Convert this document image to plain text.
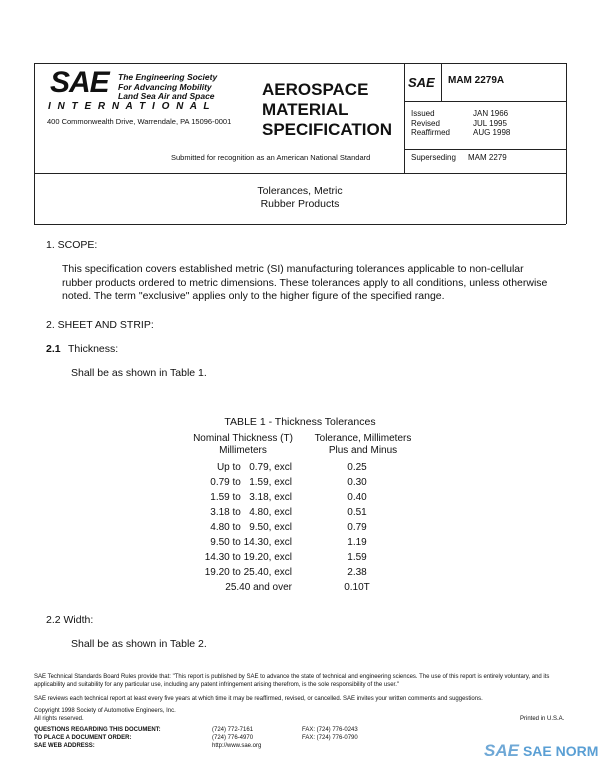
SAE The Engineering Society
For Advancing Mobility
Land Sea Air and Space
I N T E R N A T I O N A L
400 Commonwealth Drive, Warrendale, PA 15096-0001
AEROSPACE
MATERIAL
SPECIFICATION
Submitted for recognition as an American National Standard
SAE MAM 2279A
Issued	JAN 1966
Revised	JUL 1995
Reaffirmed	AUG 1998
Superseding MAM 2279
Tolerances, Metric
Rubber Products
1. SCOPE:
This specification covers established metric (SI) manufacturing tolerances applicable to non-cellular rubber products ordered to metric dimensions. These tolerances apply to all conditions, unless otherwise noted. The term "exclusive" applies only to the higher figure of the specified range.
2. SHEET AND STRIP:
2.1 Thickness:
Shall be as shown in Table 1.
TABLE 1 - Thickness Tolerances
Nominal Thickness (T)
Millimeters

Tolerance, Millimeters
Plus and Minus
Up to   0.79, excl	0.25
0.79 to   1.59, excl	0.30
1.59 to   3.18, excl	0.40
3.18 to   4.80, excl	0.51
4.80 to   9.50, excl	0.79
9.50 to 14.30, excl	1.19
14.30 to 19.20, excl	1.59
19.20 to 25.40, excl	2.38
25.40 and over	0.10T
2.2 Width:
Shall be as shown in Table 2.
SAE Technical Standards Board Rules provide that: "This report is published by SAE to advance the state of technical and engineering sciences. The use of this report is entirely voluntary, and its applicability and suitability for any particular use, including any patent infringement arising therefrom, is the sole responsibility of the user."
SAE reviews each technical report at least every five years at which time it may be reaffirmed, revised, or cancelled. SAE invites your written comments and suggestions.
Copyright 1998 Society of Automotive Engineers, Inc.
All rights reserved.	Printed in U.S.A.
QUESTIONS REGARDING THIS DOCUMENT:	(724) 772-7161	FAX: (724) 776-0243
TO PLACE A DOCUMENT ORDER:	(724) 776-4970	FAX: (724) 776-0790
SAE WEB ADDRESS:	http://www.sae.org	SAE SAE NORM
